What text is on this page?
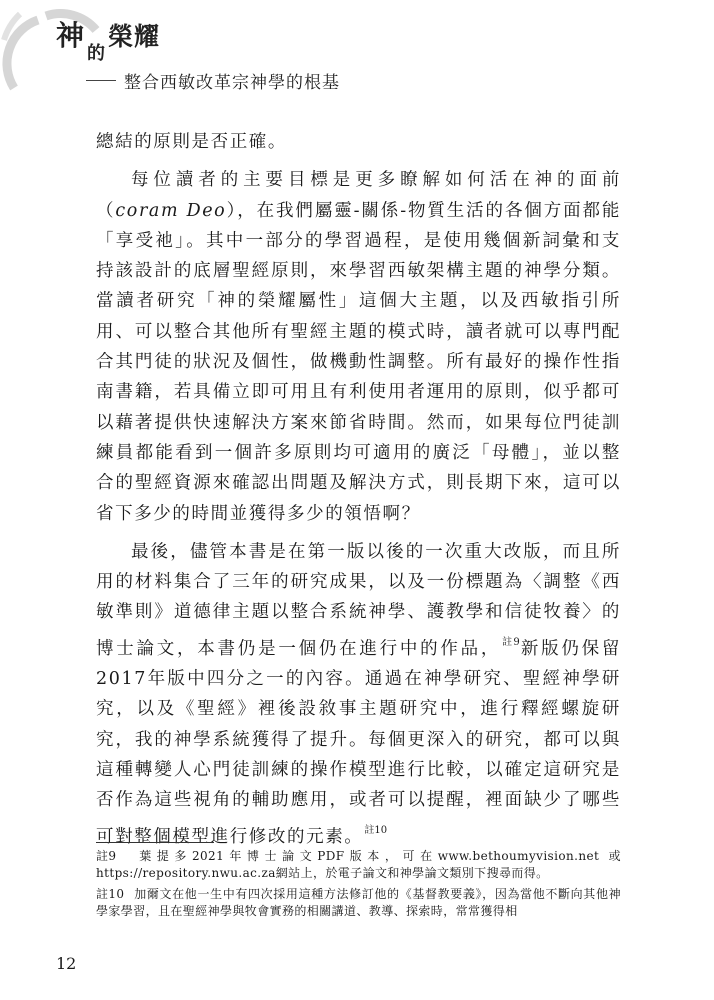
神$_的$榮耀
整合西敏改革宗神學的根基

總結的原則是否正確。

每位讀者的主要目標是更多瞭解如何活在神的面前（coram Deo），在我們屬靈-關係-物質生活的各個方面都能「享受祂」。其中一部分的學習過程，是使用幾個新詞彙和支持該設計的底層聖經原則，來學習西敏架構主題的神學分類。當讀者研究「神的榮耀屬性」這個大主題，以及西敏指引所用、可以整合其他所有聖經主題的模式時，讀者就可以專門配合其門徒的狀況及個性，做機動性調整。所有最好的操作性指南書籍，若具備立即可用且有利使用者運用的原則，似乎都可以藉著提供快速解決方案來節省時間。然而，如果每位門徒訓練員都能看到一個許多原則均可適用的廣泛「母體」，並以整合的聖經資源來確認出問題及解決方式，則長期下來，這可以省下多少的時間並獲得多少的領悟啊？

最後，儘管本書是在第一版以後的一次重大改版，而且所用的材料集合了三年的研究成果，以及一份標題為〈調整《西敏準則》道德律主題以整合系統神學、護教學和信徒牧養〉的博士論文，本書仍是一個仍在進行中的作品，$^{註9}$新版仍保留2017年版中四分之一的內容。通過在神學研究、聖經神學研究，以及《聖經》裡後設敘事主題研究中，進行釋經螺旋研究，我的神學系統獲得了提升。每個更深入的研究，都可以與這種轉變人心門徒訓練的操作模型進行比較，以確定這研究是否作為這些視角的輔助應用，或者可以提醒，裡面缺少了哪些可對整個模型進行修改的元素。$^{註10}$

註9 葉提多2021年博士論文PDF版本，可在www.bethoumyvision.net 或 https://repository.nwu.ac.za網站上，於電子論文和神學論文類別下搜尋而得。

註10 加爾文在他一生中有四次採用這種方法修訂他的《基督教要義》，因為當他不斷向其他神學家學習，且在聖經神學與牧會實務的相關講道、教導、探索時，常常獲得相

12
